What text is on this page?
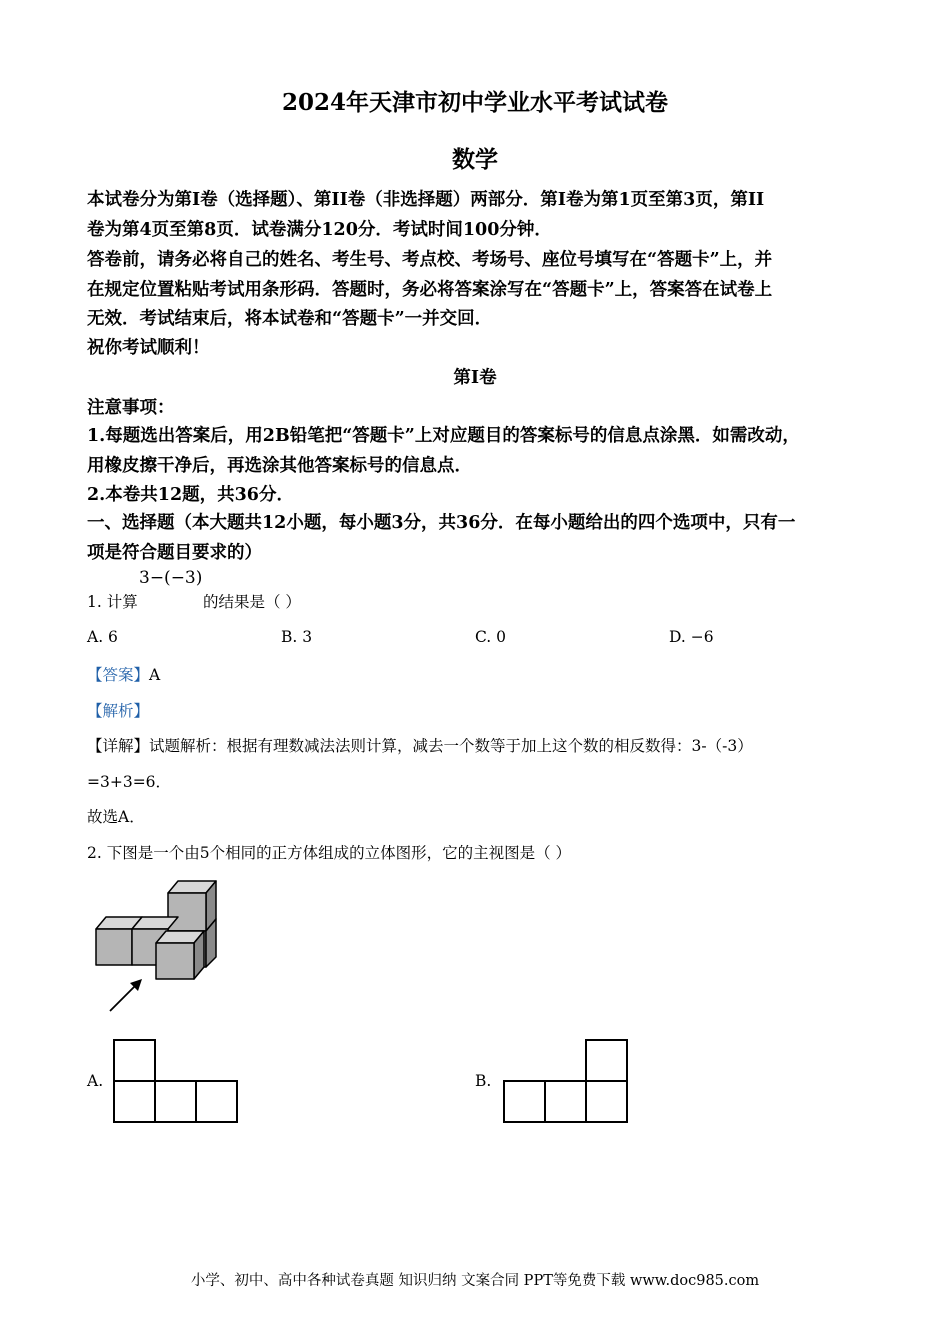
2024年天津市初中学业水平考试试卷
数学
本试卷分为第I卷（选择题）、第II卷（非选择题）两部分．第I卷为第1页至第3页，第II
卷为第4页至第8页．试卷满分120分．考试时间100分钟．
答卷前，请务必将自己的姓名、考生号、考点校、考场号、座位号填写在“答题卡”上，并
在规定位置粘贴考试用条形码．答题时，务必将答案涂写在“答题卡”上，答案答在试卷上
无效．考试结束后，将本试卷和“答题卡”一并交回．
祝你考试顺利！
第I卷
注意事项：
1.每题选出答案后，用2B铅笔把“答题卡”上对应题目的答案标号的信息点涂黑．如需改动，
用橡皮擦干净后，再选涂其他答案标号的信息点．
2.本卷共12题，共36分．
一、选择题（本大题共12小题，每小题3分，共36分．在每小题给出的四个选项中，只有一
项是符合题目要求的）
3−(−3)
1. 计算	的结果是（ ）
A. 6	B. 3	C. 0	D. −6
【答案】A
【解析】
【详解】试题解析：根据有理数减法法则计算，减去一个数等于加上这个数的相反数得：3-（-3）
=3+3=6．
故选A．
2. 下图是一个由5个相同的正方体组成的立体图形，它的主视图是（ ）
A.	B.
小学、初中、高中各种试卷真题 知识归纳 文案合同 PPT等免费下载 www.doc985.com
